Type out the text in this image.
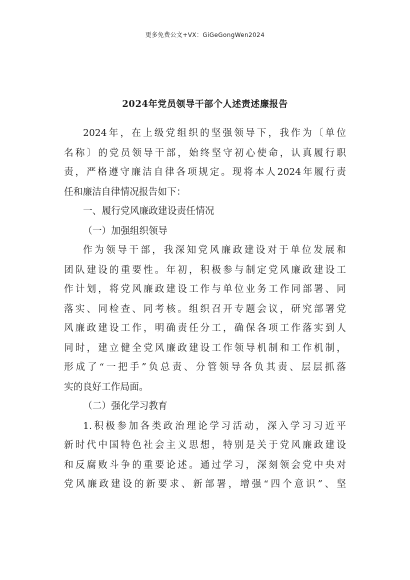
更多免费公文+VX：GiGeGongWen2024
2024年党员领导干部个人述责述廉报告
2024年，在上级党组织的坚强领导下，我作为〔单位
名称〕的党员领导干部，始终坚守初心使命，认真履行职
责，严格遵守廉洁自律各项规定。现将本人2024年履行责
任和廉洁自律情况报告如下：
一、履行党风廉政建设责任情况
（一）加强组织领导
作为领导干部，我深知党风廉政建设对于单位发展和
团队建设的重要性。年初，积极参与制定党风廉政建设工
作计划，将党风廉政建设工作与单位业务工作同部署、同
落实、同检查、同考核。组织召开专题会议，研究部署党
风廉政建设工作，明确责任分工，确保各项工作落实到人
同时，建立健全党风廉政建设工作领导机制和工作机制，
形成了“一把手”负总责、分管领导各负其责、层层抓落
实的良好工作局面。
（二）强化学习教育
1.积极参加各类政治理论学习活动，深入学习习近平
新时代中国特色社会主义思想，特别是关于党风廉政建设
和反腐败斗争的重要论述。通过学习，深刻领会党中央对
党风廉政建设的新要求、新部署，增强“四个意识”、坚
